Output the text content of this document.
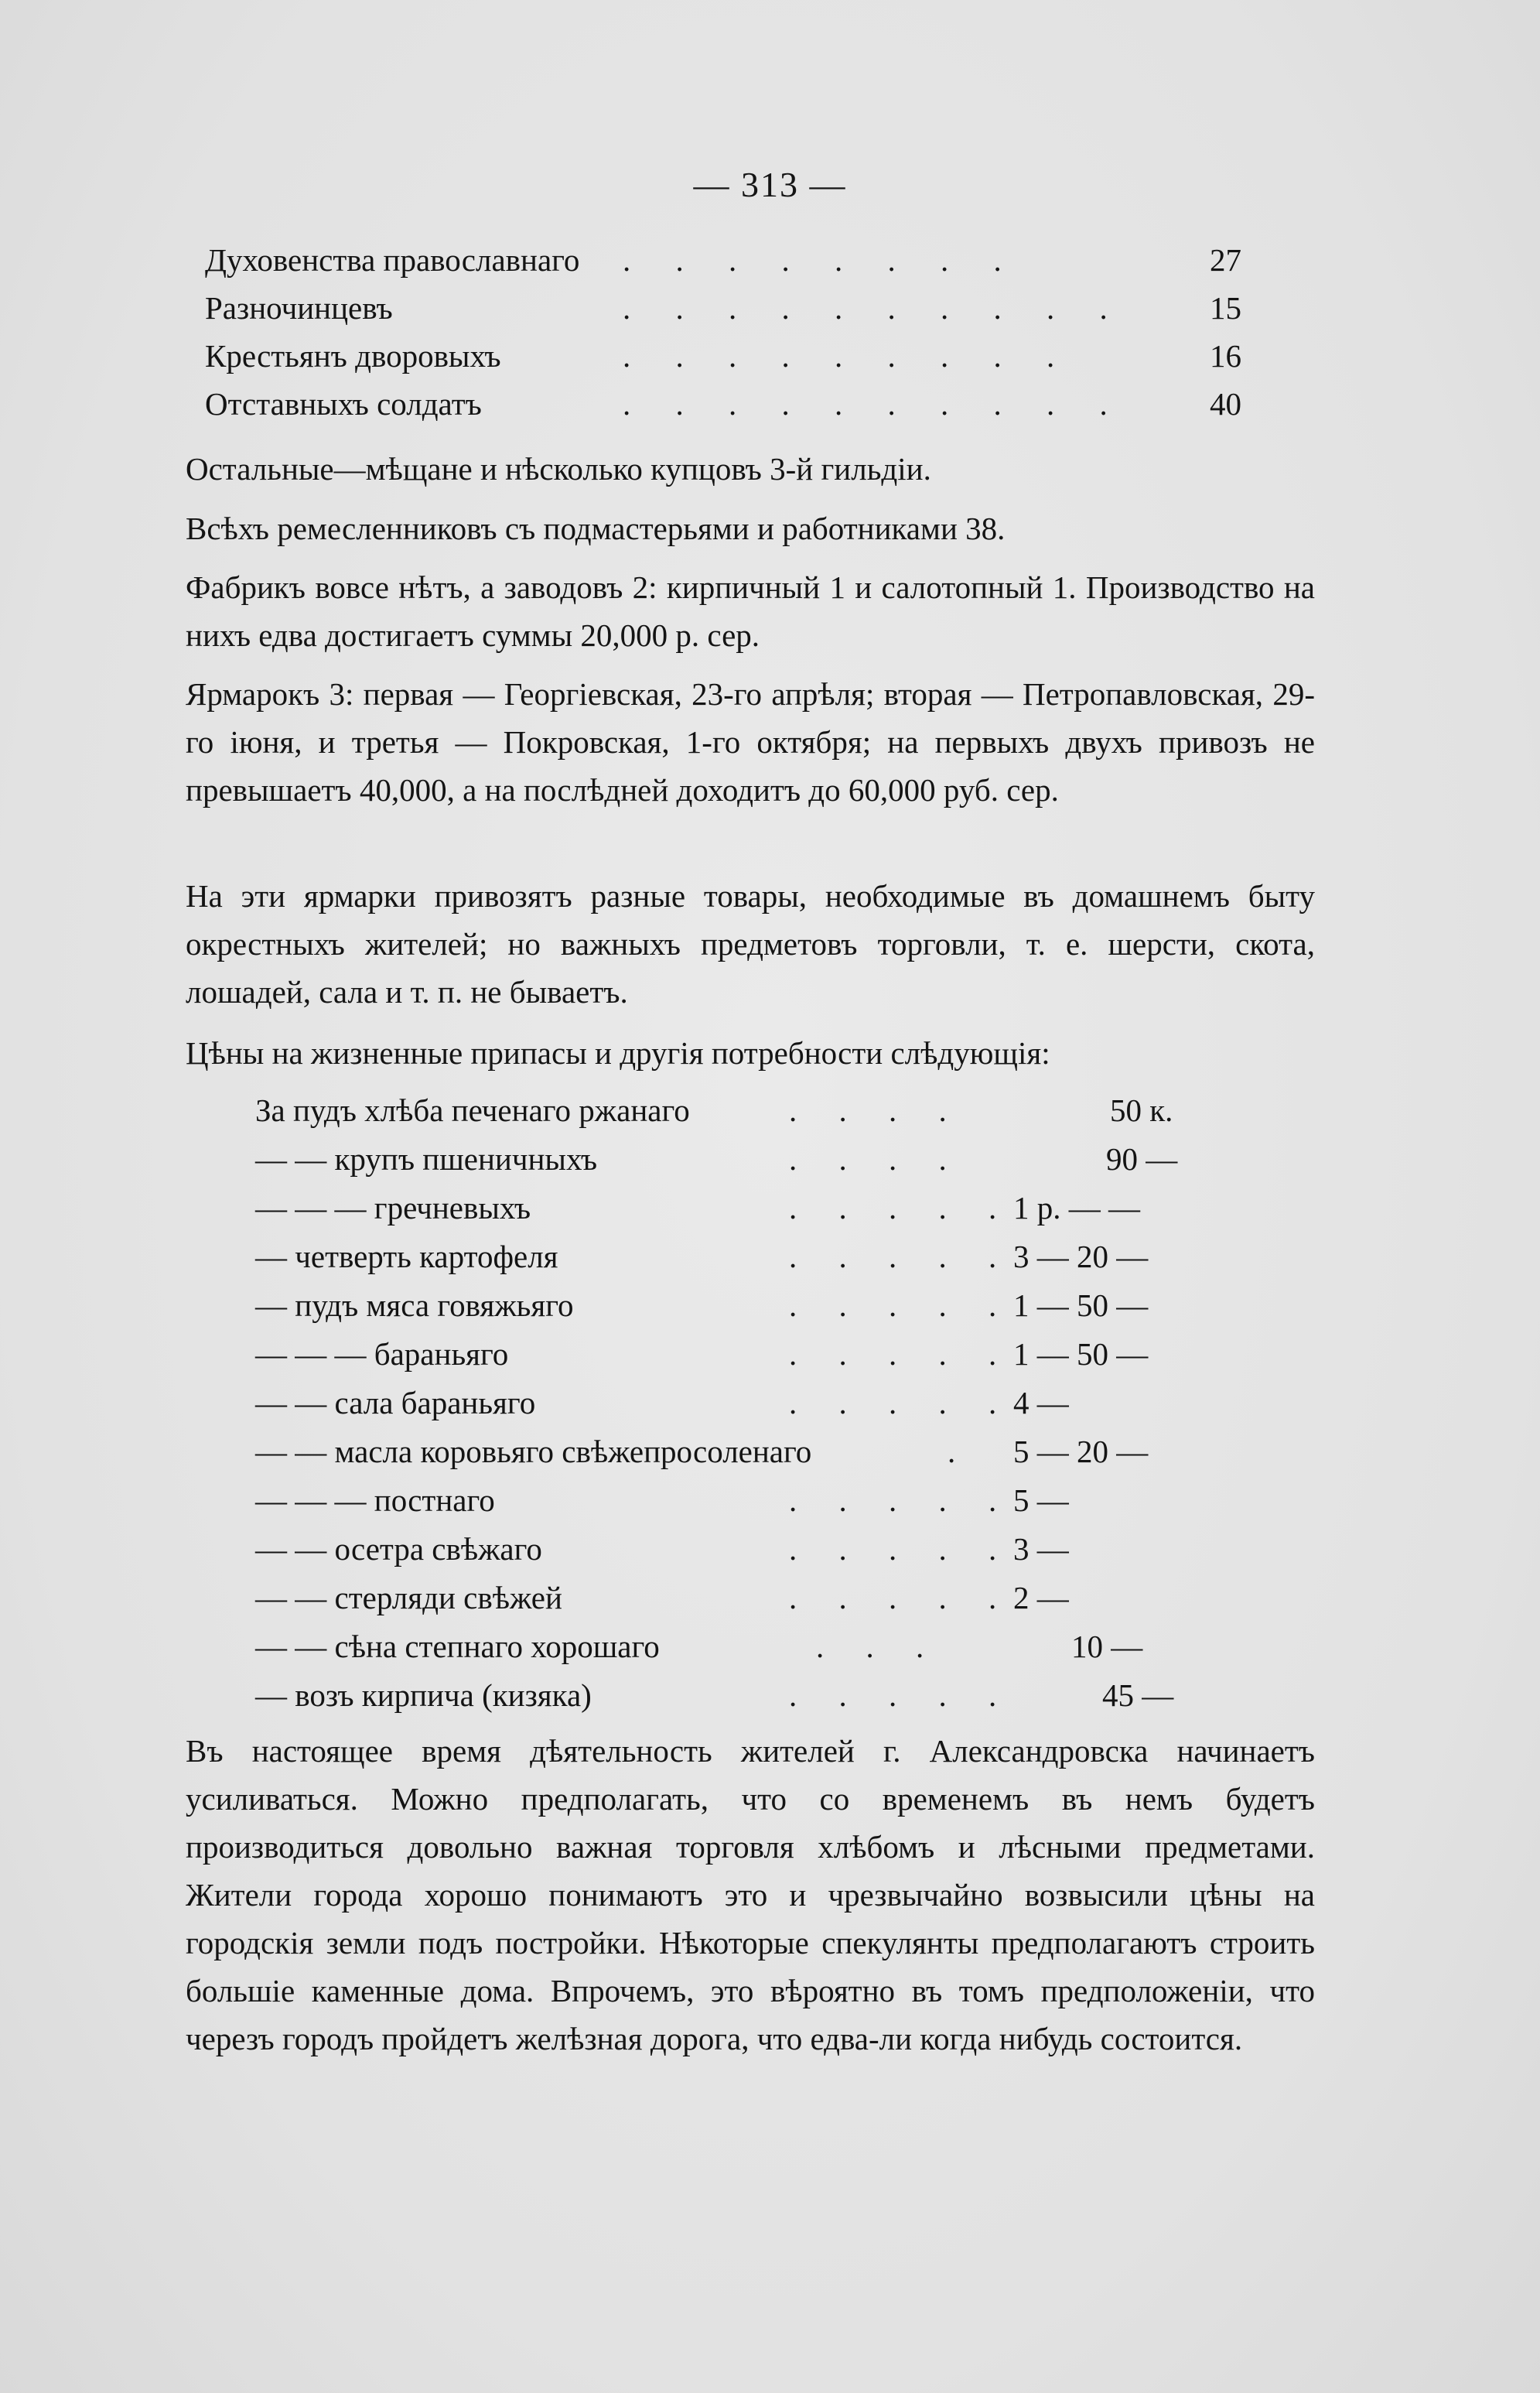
— 313 —
Духовенства православнаго . . . . . . . .	27
Разночинцевъ	. . . . . . . . . .	15
Крестьянъ дворовыхъ	. . . . . . . . .	16
Отставныхъ солдатъ	. . . . . . . . . .	40
Остальные—мѣщане и нѣсколько купцовъ 3-й гильдiи.
Всѣхъ ремесленниковъ съ подмастерьями и работниками 38.
Фабрикъ вовсе нѣтъ, а заводовъ 2: кирпичный 1 и салотопный 1. Производство на нихъ едва достигаетъ суммы 20,000 р. сер.
Ярмарокъ 3: первая — Георгiевская, 23-го апрѣля; вторая — Петропавловская, 29-го iюня, и третья — Покровская, 1-го октября; на первыхъ двухъ привозъ не превышаетъ 40,000, а на послѣдней доходитъ до 60,000 руб. сер.
На эти ярмарки привозятъ разные товары, необходимые въ домашнемъ быту окрестныхъ жителей; но важныхъ предметовъ торговли, т. е. шерсти, скота, лошадей, сала и т. п. не бываетъ.
Цѣны на жизненные припасы и другiя потребности слѣдующiя:
За пудъ хлѣба печенаго ржанаго	. . . .	50 к.
— — крупъ пшеничныхъ	. . . .	90 —
— — — гречневыхъ	. . . . . 1 р. — —
— четверть картофеля	. . . . . 3 — 20 —
— пудъ мяса говяжьяго	. . . . . 1 — 50 —
— — — бараньяго	. . . . . 1 — 50 —
— — сала бараньяго	. . . . . 4 —
— — масла коровьяго свѣжепросоленаго	. 5 — 20 —
— — — постнаго	. . . . . 5 —
— — осетра свѣжаго	. . . . . 3 —
— — стерляди свѣжей	. . . . . 2 —
— — сѣна степнаго хорошаго	. . .	10 —
— возъ кирпича (кизяка)	. . . . .	45 —
Въ настоящее время дѣятельность жителей г. Александровска начинаетъ усиливаться. Можно предполагать, что со временемъ въ немъ будетъ производиться довольно важная торговля хлѣбомъ и лѣсными предметами. Жители города хорошо понимаютъ это и чрезвычайно возвысили цѣны на городскiя земли подъ постройки. Нѣкоторые спекулянты предполагаютъ строить большiе каменные дома. Впрочемъ, это вѣроятно въ томъ предположенiи, что черезъ городъ пройдетъ желѣзная дорога, что едва-ли когда нибудь состоится.
